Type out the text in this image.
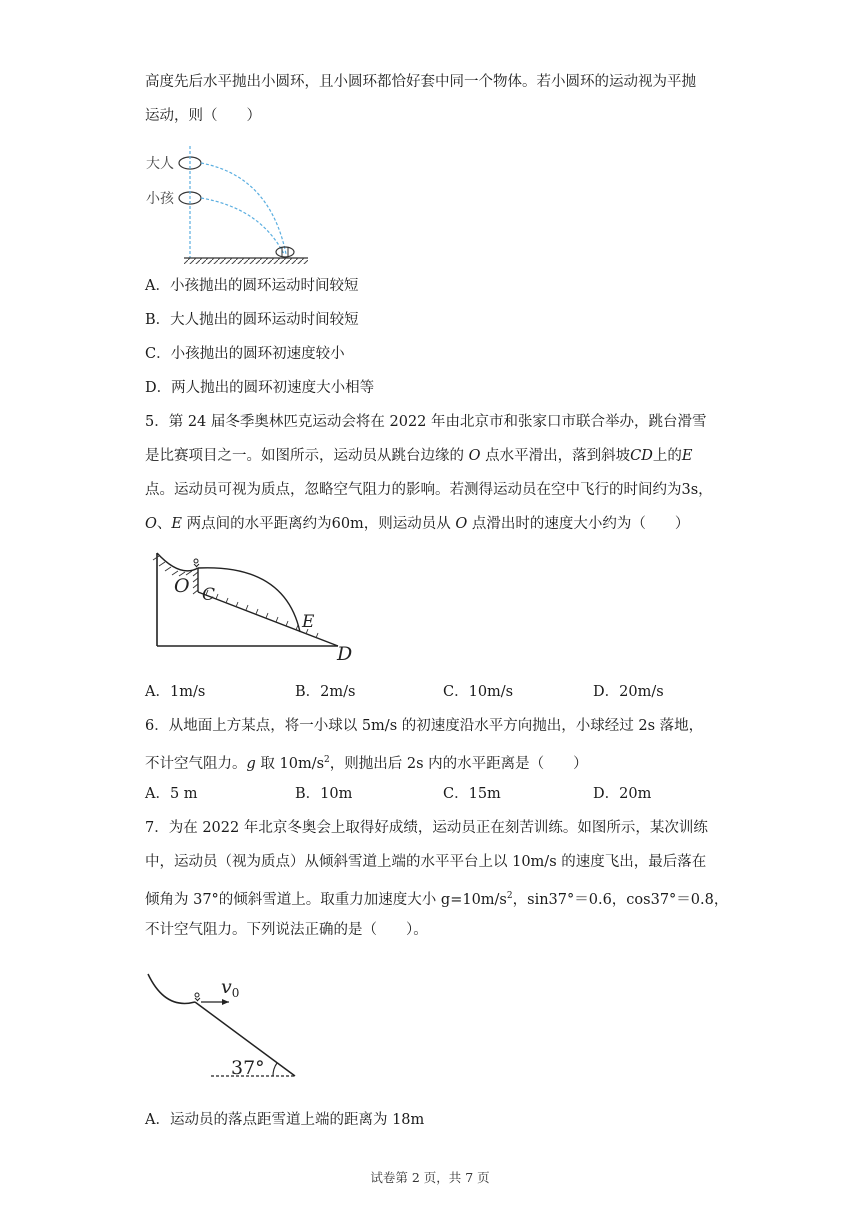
高度先后水平抛出小圆环，且小圆环都恰好套中同一个物体。若小圆环的运动视为平抛
运动，则（　　）
大人
小孩
A．小孩抛出的圆环运动时间较短
B．大人抛出的圆环运动时间较短
C．小孩抛出的圆环初速度较小
D．两人抛出的圆环初速度大小相等
5．第 24 届冬季奥林匹克运动会将在 2022 年由北京市和张家口市联合举办，跳台滑雪
是比赛项目之一。如图所示，运动员从跳台边缘的 O 点水平滑出，落到斜坡CD上的E
点。运动员可视为质点，忽略空气阻力的影响。若测得运动员在空中飞行的时间约为3s，
O、E 两点间的水平距离约为60m，则运动员从 O 点滑出时的速度大小约为（　　）
O C
E
D
A．1m/s	B．2m/s	C．10m/s	D．20m/s
6．从地面上方某点，将一小球以 5m/s 的初速度沿水平方向抛出，小球经过 2s 落地，
不计空气阻力。g 取 $10m/s^2$，则抛出后 2s 内的水平距离是（　　）
A．5 m	B．10m	C．15m	D．20m
7．为在 2022 年北京冬奥会上取得好成绩，运动员正在刻苦训练。如图所示，某次训练
中，运动员（视为质点）从倾斜雪道上端的水平平台上以 10m/s 的速度飞出，最后落在
倾角为 37°的倾斜雪道上。取重力加速度大小 $g=10m/s^2$，sin37°＝0.6，cos37°＝0.8，
不计空气阻力。下列说法正确的是（　　）。
$v_0$
37°
A．运动员的落点距雪道上端的距离为 18m
试卷第 2 页，共 7 页
